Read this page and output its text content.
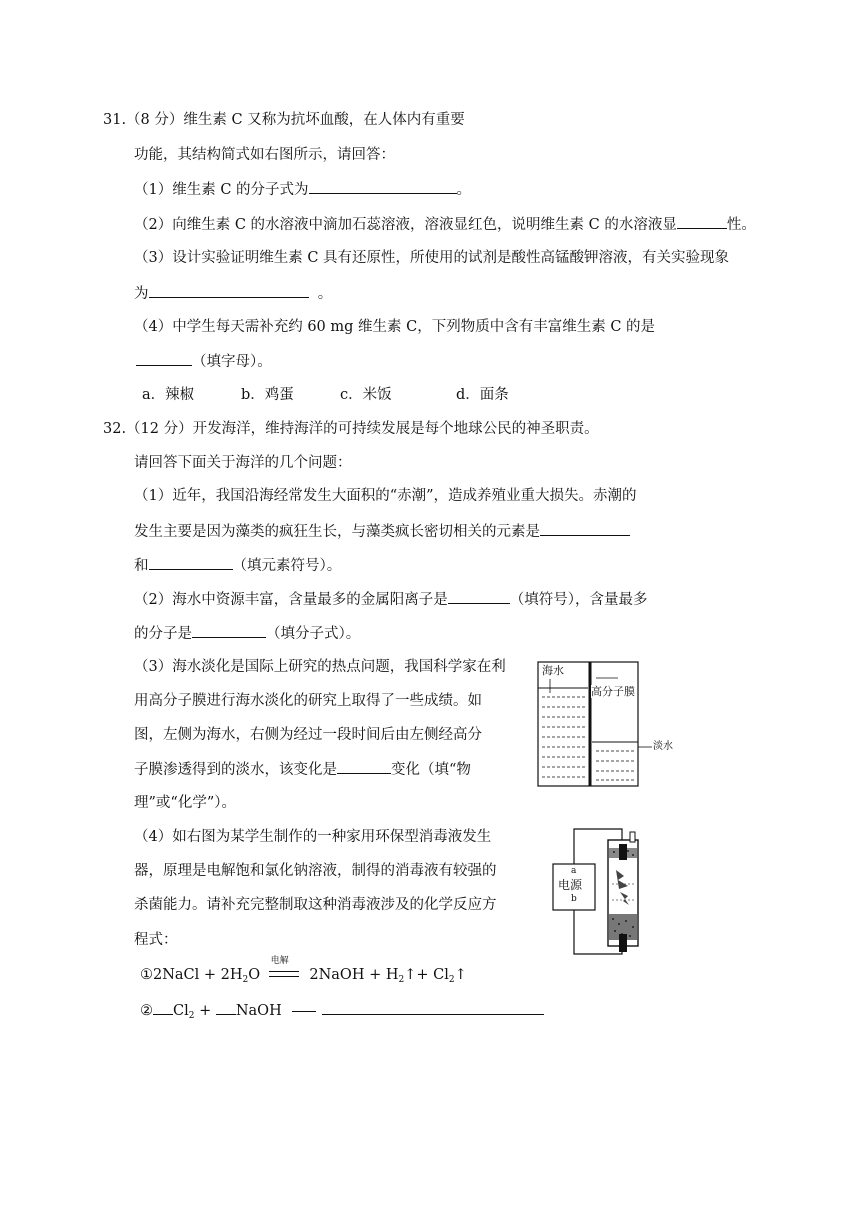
31.（8 分）维生素 C 又称为抗坏血酸，在人体内有重要
功能，其结构简式如右图所示，请回答：
（1）维生素 C 的分子式为	。
（2）向维生素 C 的水溶液中滴加石蕊溶液，溶液显红色，说明维生素 C 的水溶液显	性。
（3）设计实验证明维生素 C 具有还原性，所使用的试剂是酸性高锰酸钾溶液，有关实验现象
为	。
（4）中学生每天需补充约 60 mg 维生素 C，下列物质中含有丰富维生素 C 的是
（填字母）。
a．辣椒	b．鸡蛋	c．米饭	d．面条
32.（12 分）开发海洋，维持海洋的可持续发展是每个地球公民的神圣职责。
请回答下面关于海洋的几个问题：
（1）近年，我国沿海经常发生大面积的“赤潮”，造成养殖业重大损失。赤潮的
发生主要是因为藻类的疯狂生长，与藻类疯长密切相关的元素是
和	（填元素符号）。
（2）海水中资源丰富，含量最多的金属阳离子是	（填符号），含量最多
的分子是	（填分子式）。
（3）海水淡化是国际上研究的热点问题，我国科学家在利
用高分子膜进行海水淡化的研究上取得了一些成绩。如
图，左侧为海水，右侧为经过一段时间后由左侧经高分
子膜渗透得到的淡水，该变化是	变化（填“物
理”或“化学”）。
海水
高分子膜
淡水
（4）如右图为某学生制作的一种家用环保型消毒液发生
器，原理是电解饱和氯化钠溶液，制得的消毒液有较强的
杀菌能力。请补充完整制取这种消毒液涉及的化学反应方
程式：
a
电源
b
①2NaCl + $2H_2O$
电解
2NaOH + $H_2↑+$ $Cl_2↑$
② $Cl_2$ + NaOH
